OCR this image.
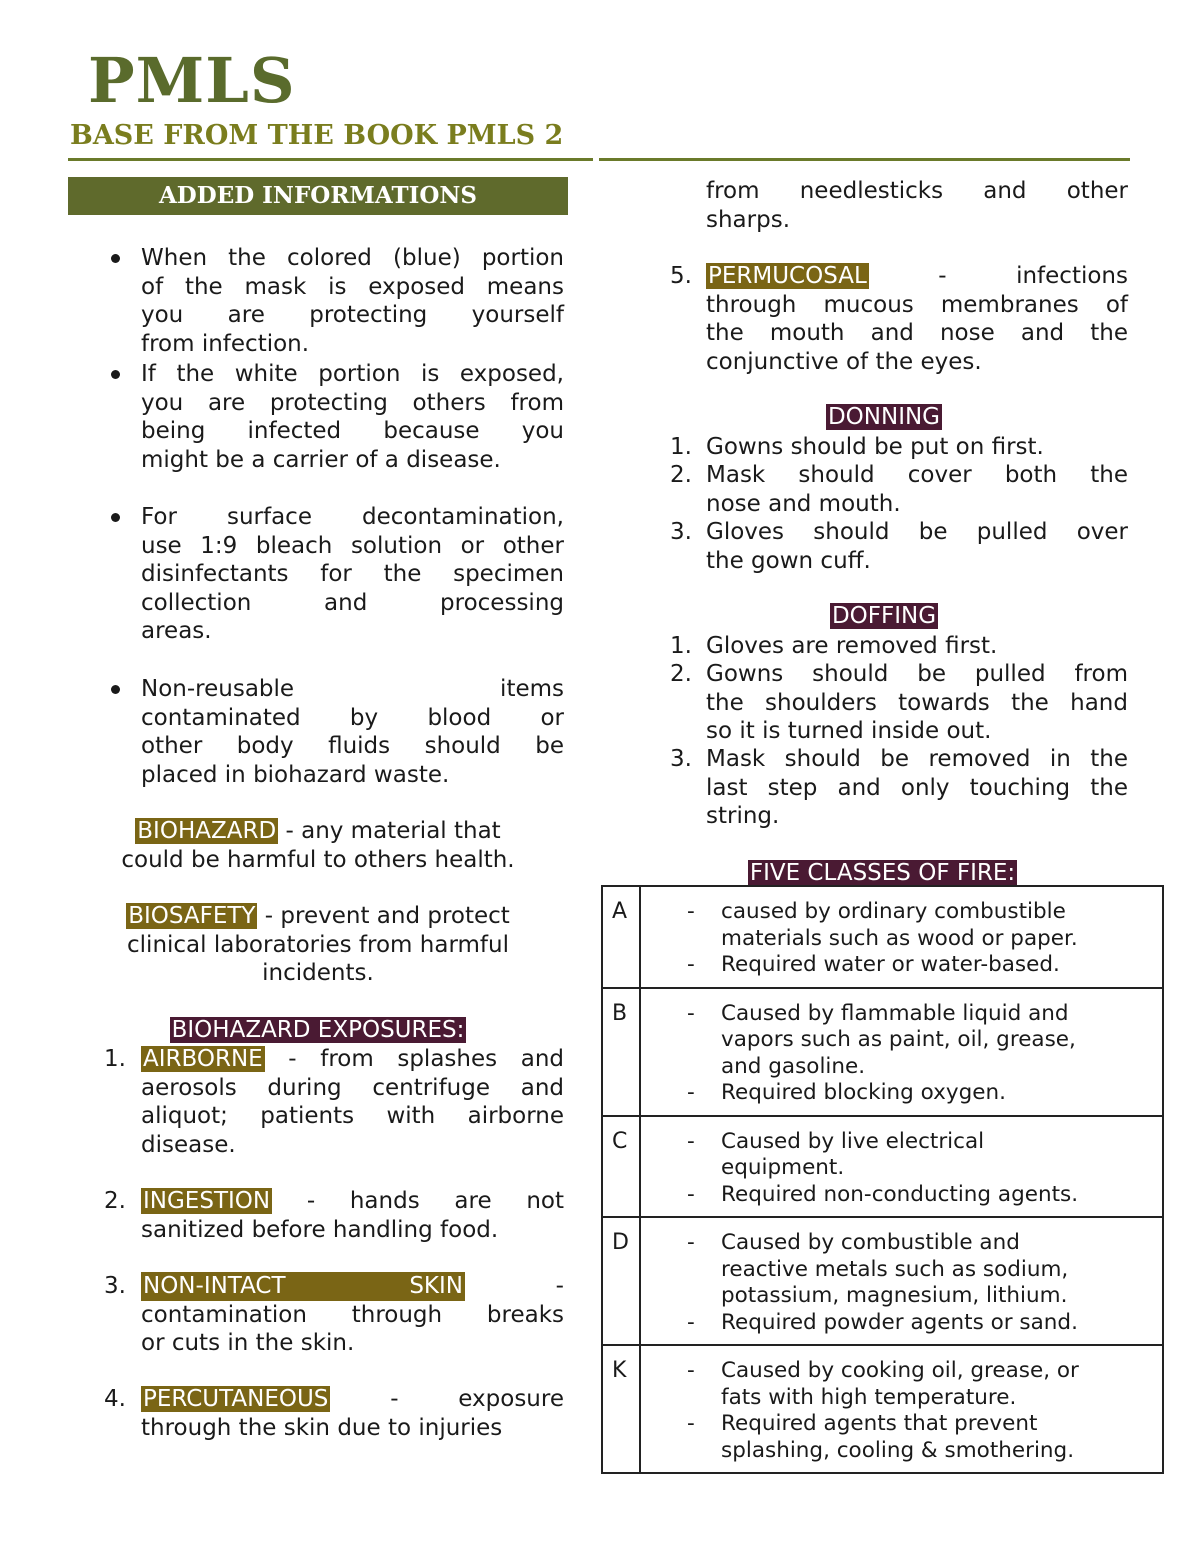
PMLS
BASE FROM THE BOOK PMLS 2
ADDED INFORMATIONS
When the colored (blue) portion
of the mask is exposed means
you are protecting yourself
from infection.
If the white portion is exposed,
you are protecting others from
being infected because you
might be a carrier of a disease.
For surface decontamination,
use 1:9 bleach solution or other
disinfectants for the specimen
collection and processing
areas.
Non-reusable items
contaminated by blood or
other body fluids should be
placed in biohazard waste.
BIOHAZARD - any material that
could be harmful to others health.
BIOSAFETY - prevent and protect
clinical laboratories from harmful
incidents.
BIOHAZARD EXPOSURES:
1. AIRBORNE - from splashes and
aerosols during centrifuge and
aliquot; patients with airborne
disease.
2. INGESTION - hands are not
sanitized before handling food.
3. NON-INTACT SKIN -
contamination through breaks
or cuts in the skin.
4. PERCUTANEOUS - exposure
through the skin due to injuries
from needlesticks and other
sharps.
5. PERMUCOSAL - infections
through mucous membranes of
the mouth and nose and the
conjunctive of the eyes.
DONNING
1. Gowns should be put on first.
2. Mask should cover both the
nose and mouth.
3. Gloves should be pulled over
the gown cuff.
DOFFING
1. Gloves are removed first.
2. Gowns should be pulled from
the shoulders towards the hand
so it is turned inside out.
3. Mask should be removed in the
last step and only touching the
string.
FIVE CLASSES OF FIRE:
A	- caused by ordinary combustible
materials such as wood or paper.
- Required water or water-based.
B	- Caused by flammable liquid and
vapors such as paint, oil, grease,
and gasoline.
- Required blocking oxygen.
C	- Caused by live electrical
equipment.
- Required non-conducting agents.
D	- Caused by combustible and
reactive metals such as sodium,
potassium, magnesium, lithium.
- Required powder agents or sand.
K	- Caused by cooking oil, grease, or
fats with high temperature.
- Required agents that prevent
splashing, cooling & smothering.
